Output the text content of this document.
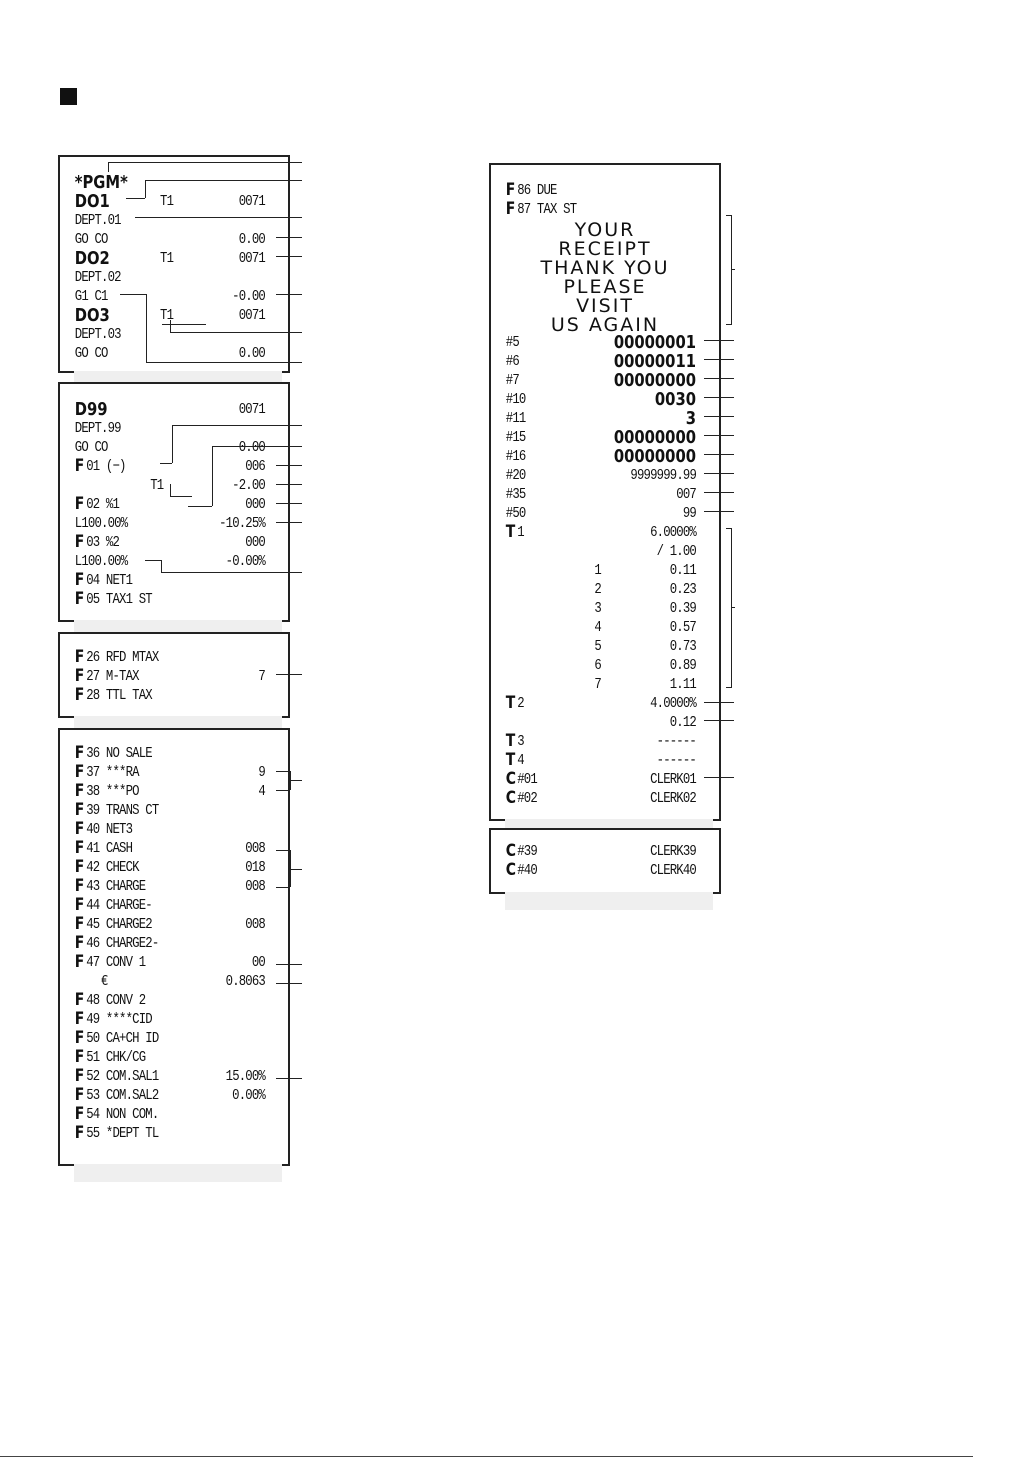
*PGM*
DO1	T1	0071
DEPT.01
GO CO	0.00
DO2	T1	0071
DEPT.02
G1 C1	-0.00
DO3	T1	0071
DEPT.03
GO CO	0.00
D99	0071
DEPT.99
GO CO	0.00
F 01 (−)	006
T1	-2.00
F 02 %1	000
L100.00%	-10.25%
F 03 %2	000
L100.00%	-0.00%
F 04 NET1
F 05 TAX1 ST
F 26 RFD MTAX
F 27 M-TAX	7
F 28 TTL TAX
F 36 NO SALE
F 37 ***RA	9
F 38 ***PO	4
F 39 TRANS CT
F 40 NET3
F 41 CASH	008
F 42 CHECK	018
F 43 CHARGE	008
F 44 CHARGE-
F 45 CHARGE2	008
F 46 CHARGE2-
F 47 CONV 1	00
€	0.8063
F 48 CONV 2
F 49 ****CID
F 50 CA+CH ID
F 51 CHK/CG
F 52 COM.SAL1	15.00%
F 53 COM.SAL2	0.00%
F 54 NON COM.
F 55 *DEPT TL
F 86 DUE
F 87 TAX ST
YOUR
RECEIPT
THANK YOU
PLEASE
VISIT
US AGAIN
#5	00000001
#6	00000011
#7	00000000
#10	0030
#11	3
#15	00000000
#16	00000000
#20	9999999.99
#35	007
#50	99
T 1	6.0000%
/ 1.00
1	0.11
2	0.23
3	0.39
4	0.57
5	0.73
6	0.89
7	1.11
T 2	4.0000%
0.12
T 3	------
T 4	------
C #01	CLERK01
C #02	CLERK02
C #39	CLERK39
C #40	CLERK40
